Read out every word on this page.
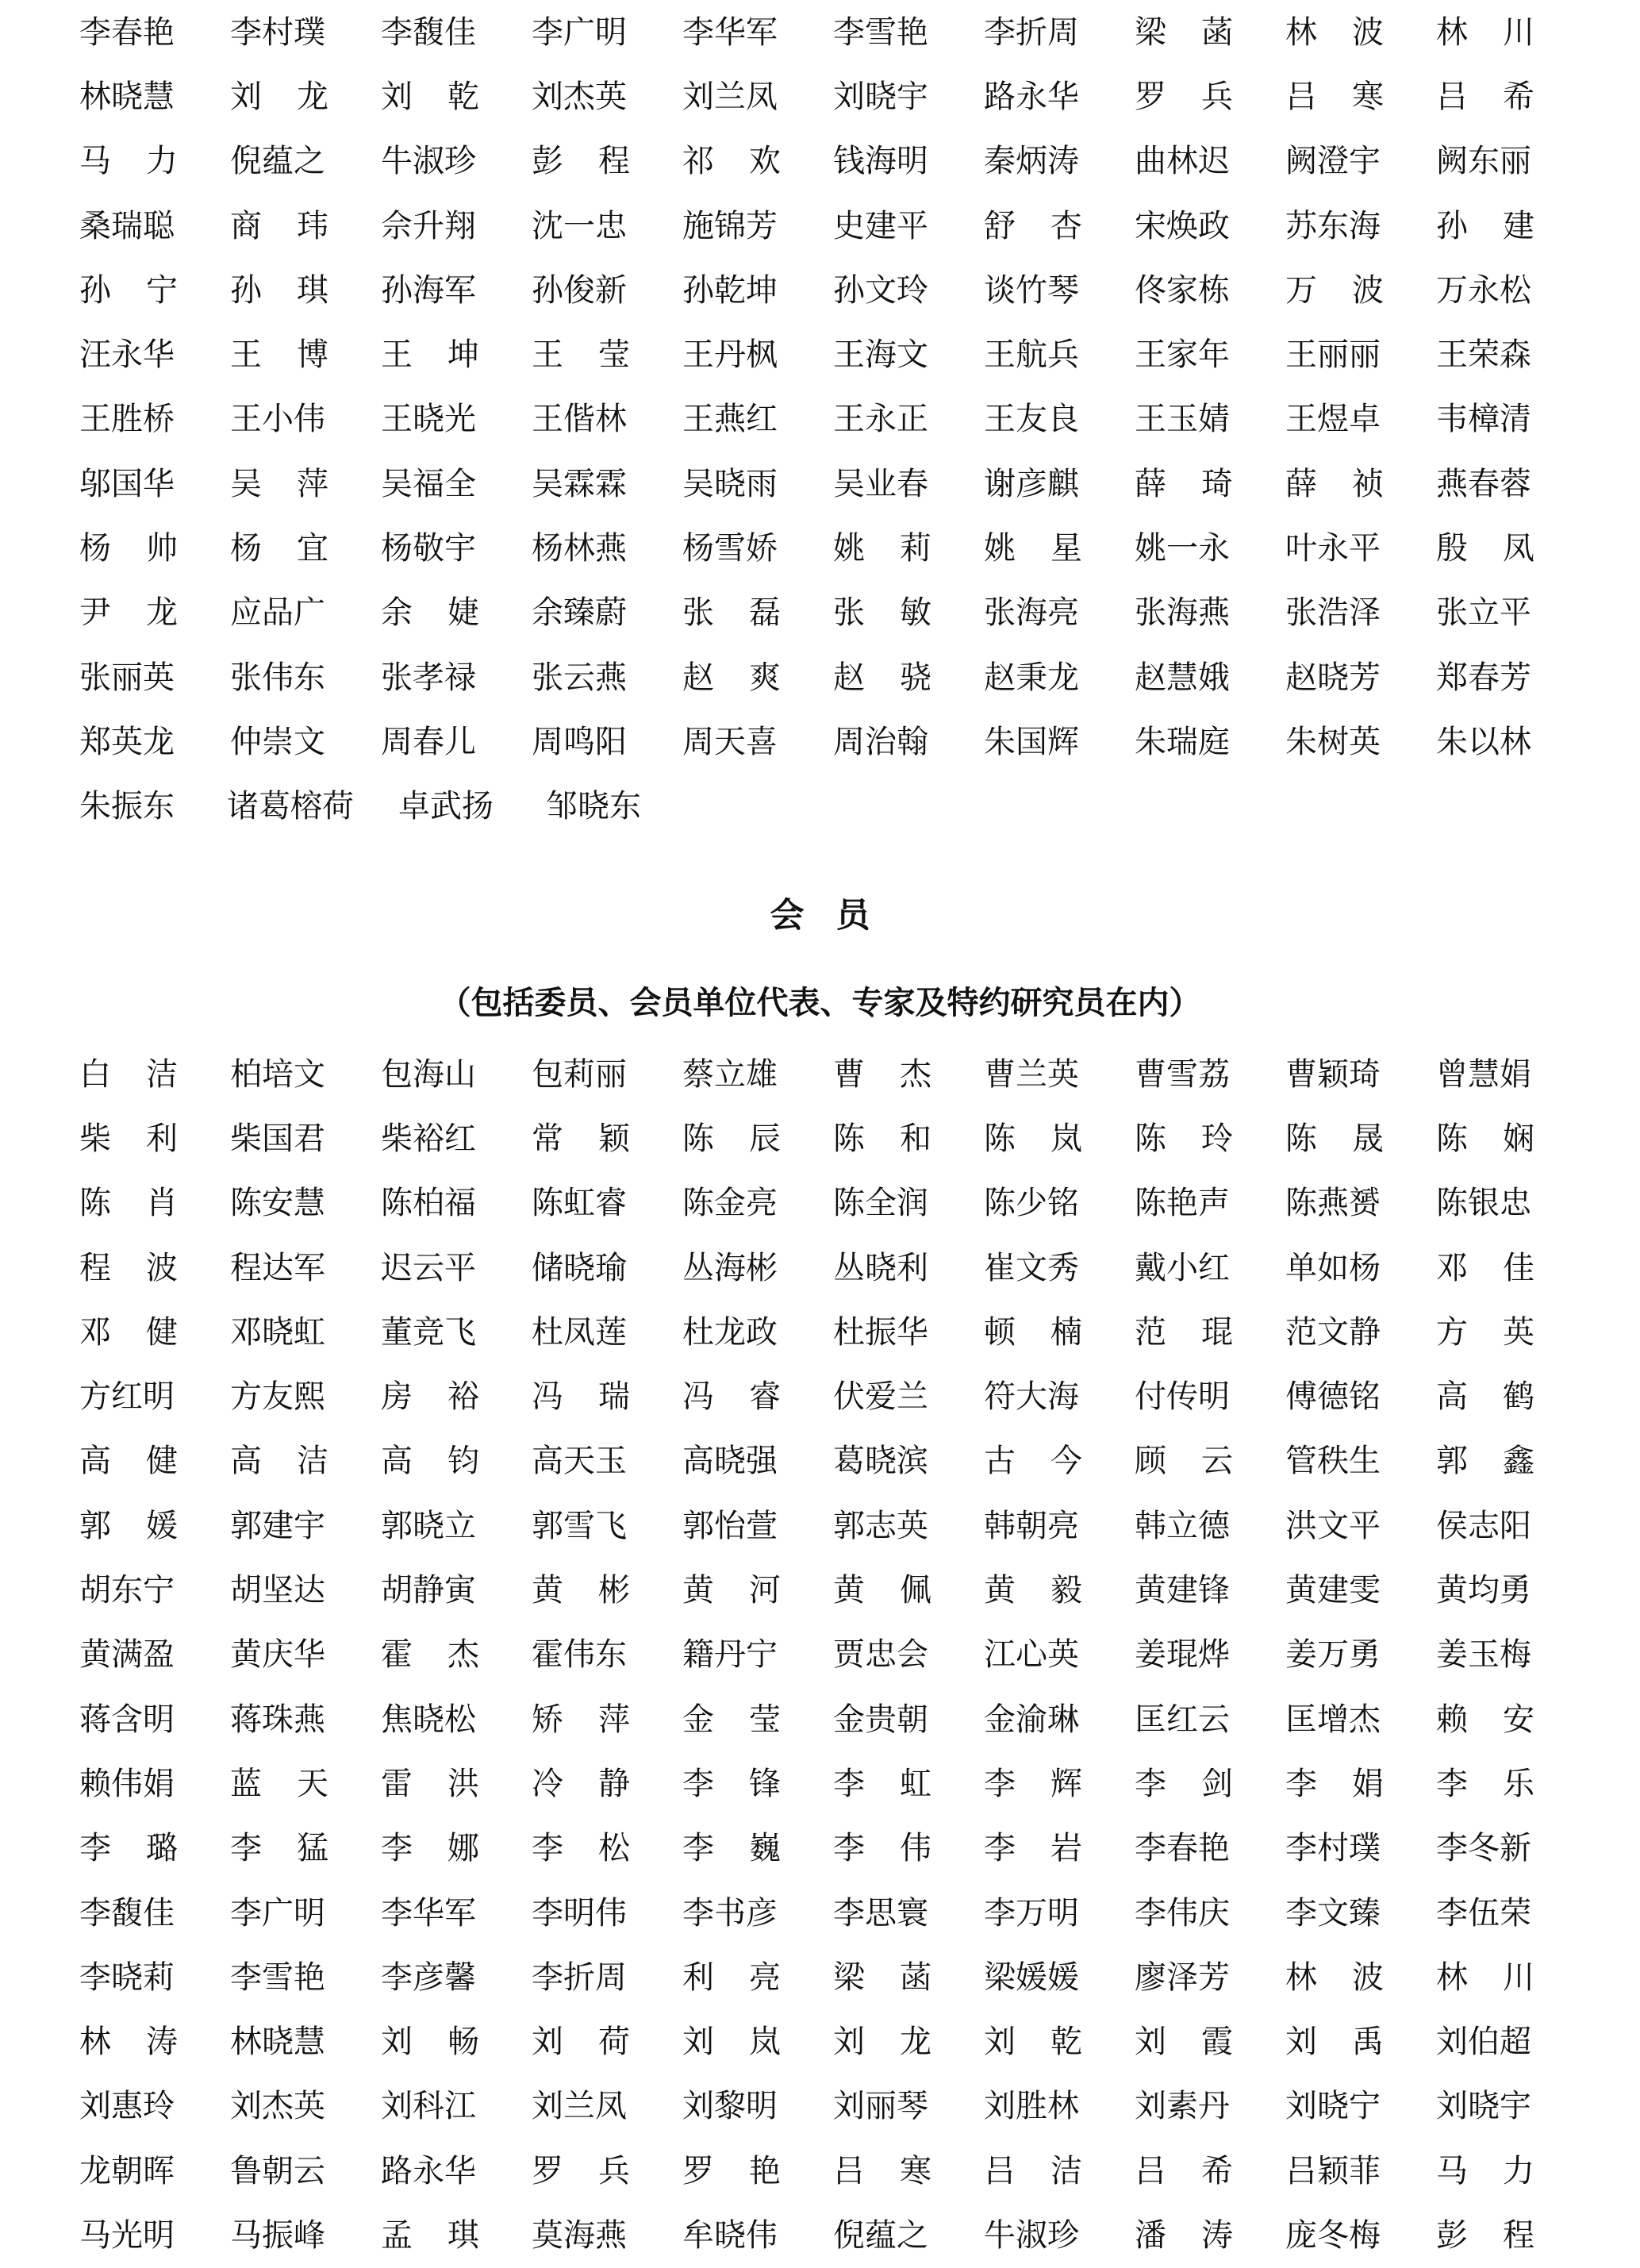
李春艳 李村璞 李馥佳 李广明 李华军 李雪艳 李折周 梁 菡 林 波 林 川
林晓慧 刘 龙 刘 乾 刘杰英 刘兰凤 刘晓宇 路永华 罗 兵 吕 寒 吕 希
马 力 倪蕴之 牛淑珍 彭 程 祁 欢 钱海明 秦炳涛 曲林迟 阙澄宇 阙东丽
桑瑞聪 商 玮 佘升翔 沈一忠 施锦芳 史建平 舒 杏 宋焕政 苏东海 孙 建
孙 宁 孙 琪 孙海军 孙俊新 孙乾坤 孙文玲 谈竹琴 佟家栋 万 波 万永松
汪永华 王 博 王 坤 王 莹 王丹枫 王海文 王航兵 王家年 王丽丽 王荣森
王胜桥 王小伟 王晓光 王偕林 王燕红 王永正 王友良 王玉婧 王煜卓 韦樟清
邬国华 吴 萍 吴福全 吴霖霖 吴晓雨 吴业春 谢彦麒 薛 琦 薛 祯 燕春蓉
杨 帅 杨 宜 杨敬宇 杨林燕 杨雪娇 姚 莉 姚 星 姚一永 叶永平 殷 凤
尹 龙 应品广 余 婕 余臻蔚 张 磊 张 敏 张海亮 张海燕 张浩泽 张立平
张丽英 张伟东 张孝禄 张云燕 赵 爽 赵 骁 赵秉龙 赵慧娥 赵晓芳 郑春芳
郑英龙 仲崇文 周春儿 周鸣阳 周天喜 周治翰 朱国辉 朱瑞庭 朱树英 朱以林
朱振东 诸葛榕荷 卓武扬 邹晓东
会员
（包括委员、会员单位代表、专家及特约研究员在内）
白 洁 柏培文 包海山 包莉丽 蔡立雄 曹 杰 曹兰英 曹雪荔 曹颖琦 曾慧娟
柴 利 柴国君 柴裕红 常 颖 陈 辰 陈 和 陈 岚 陈 玲 陈 晟 陈 娴
陈 肖 陈安慧 陈柏福 陈虹睿 陈金亮 陈全润 陈少铭 陈艳声 陈燕赟 陈银忠
程 波 程达军 迟云平 储晓瑜 丛海彬 丛晓利 崔文秀 戴小红 单如杨 邓 佳
邓 健 邓晓虹 董竞飞 杜凤莲 杜龙政 杜振华 顿 楠 范 琨 范文静 方 英
方红明 方友熙 房 裕 冯 瑞 冯 睿 伏爱兰 符大海 付传明 傅德铭 高 鹤
高 健 高 洁 高 钧 高天玉 高晓强 葛晓滨 古 今 顾 云 管秩生 郭 鑫
郭 媛 郭建宇 郭晓立 郭雪飞 郭怡萱 郭志英 韩朝亮 韩立德 洪文平 侯志阳
胡东宁 胡坚达 胡静寅 黄 彬 黄 河 黄 佩 黄 毅 黄建锋 黄建雯 黄均勇
黄满盈 黄庆华 霍 杰 霍伟东 籍丹宁 贾忠会 江心英 姜琨烨 姜万勇 姜玉梅
蒋含明 蒋珠燕 焦晓松 矫 萍 金 莹 金贵朝 金渝琳 匡红云 匡增杰 赖 安
赖伟娟 蓝 天 雷 洪 冷 静 李 锋 李 虹 李 辉 李 剑 李 娟 李 乐
李 璐 李 猛 李 娜 李 松 李 巍 李 伟 李 岩 李春艳 李村璞 李冬新
李馥佳 李广明 李华军 李明伟 李书彦 李思寰 李万明 李伟庆 李文臻 李伍荣
李晓莉 李雪艳 李彦馨 李折周 利 亮 梁 菡 梁媛媛 廖泽芳 林 波 林 川
林 涛 林晓慧 刘 畅 刘 荷 刘 岚 刘 龙 刘 乾 刘 霞 刘 禹 刘伯超
刘惠玲 刘杰英 刘科江 刘兰凤 刘黎明 刘丽琴 刘胜林 刘素丹 刘晓宁 刘晓宇
龙朝晖 鲁朝云 路永华 罗 兵 罗 艳 吕 寒 吕 洁 吕 希 吕颖菲 马 力
马光明 马振峰 孟 琪 莫海燕 牟晓伟 倪蕴之 牛淑珍 潘 涛 庞冬梅 彭 程
